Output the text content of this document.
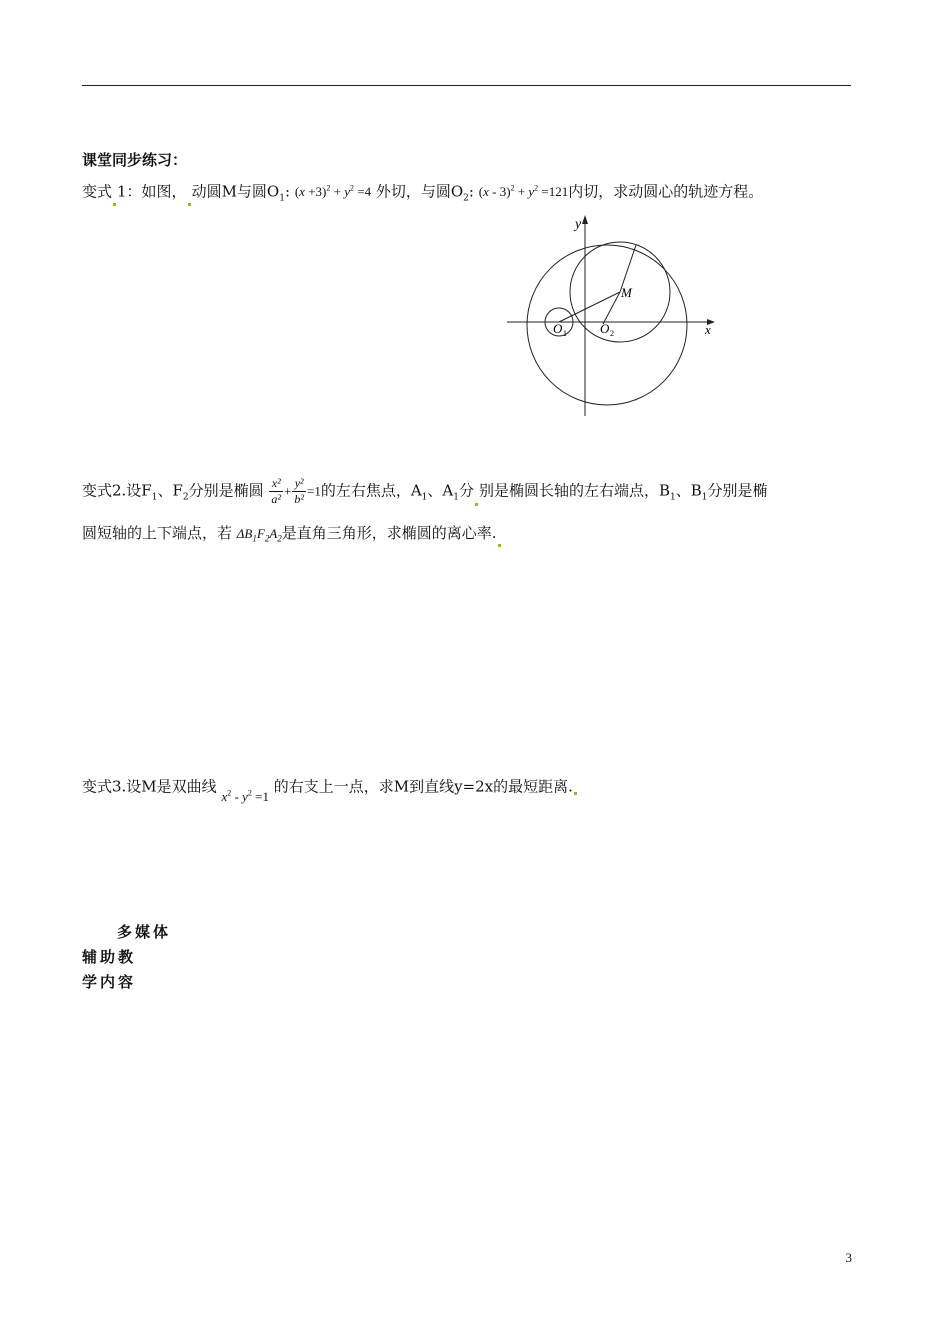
课堂同步练习：
变式 1：如图， 动圆M与圆$O_1$: $(x +3)^2 + y^2 =4$ 外切，与圆$O_2$: $(x - 3)^2 + y^2 =121$内切，求动圆心的轨迹方程。
y
x
M
O 1	O 2
变式2.设$F_1$、$F_2$分别是椭圆 $\frac{\text{x²}}{\text{a²}} + \frac{\text{y²}}{\text{b²}} =1$的左右焦点，$A_1$、$A_1$分 别是椭圆长轴的左右端点，$B_1$、$B_1$分别是椭
圆短轴的上下端点，若 $\Delta B_1F_2A_2$是直角三角形，求椭圆的离心率.
变式3.设M是双曲线 $x^2 - y^2 =1$ 的右支上一点，求M到直线y=2x的最短距离.
多媒体
辅助教
学内容
3
